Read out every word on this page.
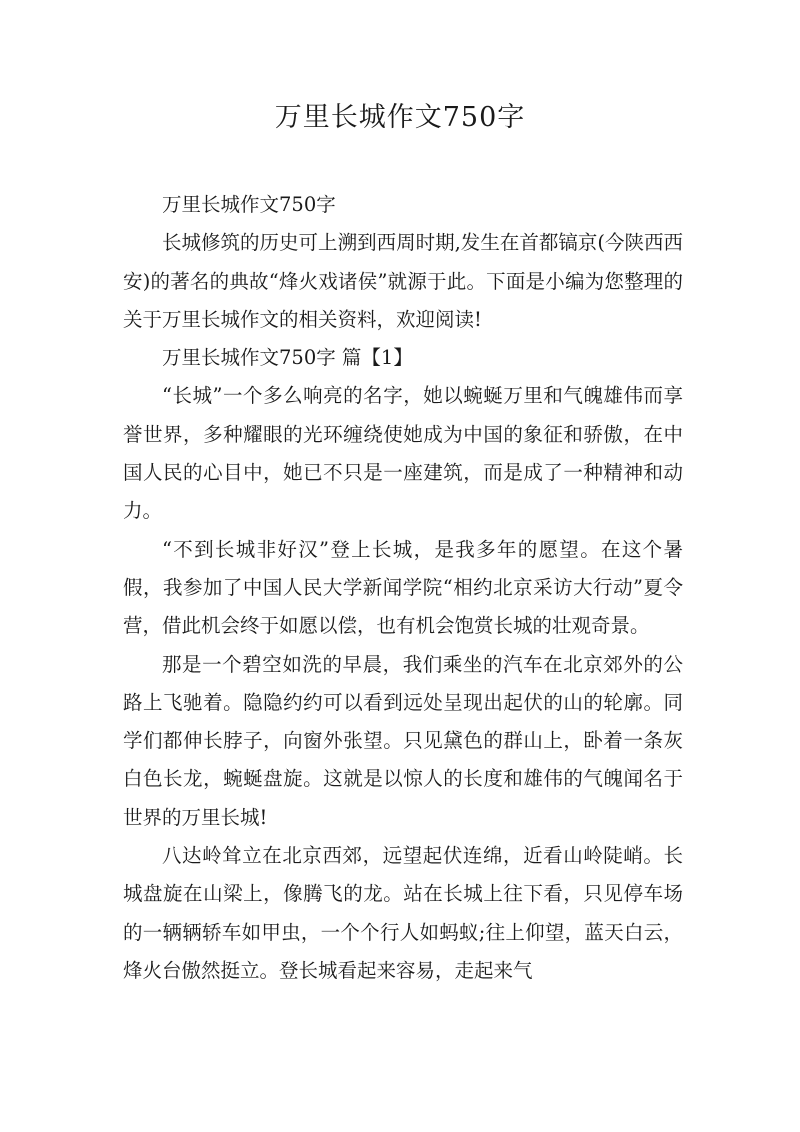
万里长城作文750字

万里长城作文750字

长城修筑的历史可上溯到西周时期,发生在首都镐京(今陕西西安)的著名的典故“烽火戏诸侯”就源于此。下面是小编为您整理的关于万里长城作文的相关资料，欢迎阅读!

万里长城作文750字 篇【1】

“长城”一个多么响亮的名字，她以蜿蜒万里和气魄雄伟而享誉世界，多种耀眼的光环缠绕使她成为中国的象征和骄傲，在中国人民的心目中，她已不只是一座建筑，而是成了一种精神和动力。

“不到长城非好汉”登上长城，是我多年的愿望。在这个暑假，我参加了中国人民大学新闻学院“相约北京采访大行动”夏令营，借此机会终于如愿以偿，也有机会饱赏长城的壮观奇景。

那是一个碧空如洗的早晨，我们乘坐的汽车在北京郊外的公路上飞驰着。隐隐约约可以看到远处呈现出起伏的山的轮廓。同学们都伸长脖子，向窗外张望。只见黛色的群山上，卧着一条灰白色长龙，蜿蜒盘旋。这就是以惊人的长度和雄伟的气魄闻名于世界的万里长城!

八达岭耸立在北京西郊，远望起伏连绵，近看山岭陡峭。长城盘旋在山梁上，像腾飞的龙。站在长城上往下看，只见停车场的一辆辆轿车如甲虫，一个个行人如蚂蚁;往上仰望，蓝天白云，烽火台傲然挺立。登长城看起来容易，走起来气
